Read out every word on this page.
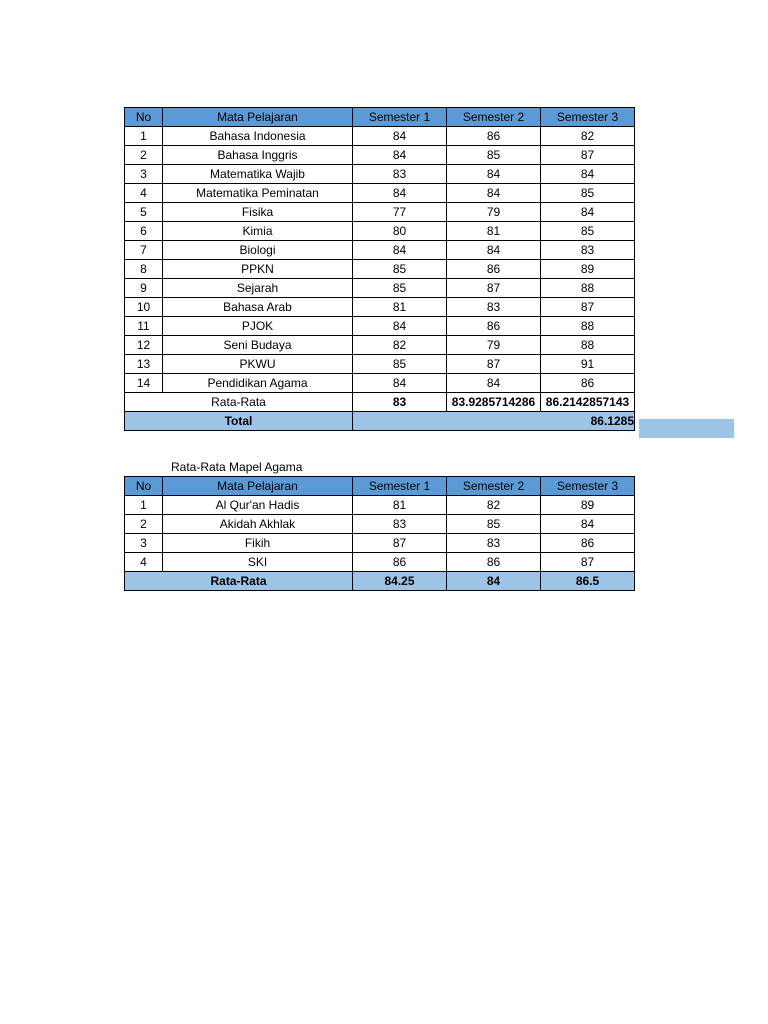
No	Mata Pelajaran	Semester 1	Semester 2	Semester 3
1	Bahasa Indonesia	84	86	82
2	Bahasa Inggris	84	85	87
3	Matematika Wajib	83	84	84
4	Matematika Peminatan	84	84	85
5	Fisika	77	79	84
6	Kimia	80	81	85
7	Biologi	84	84	83
8	PPKN	85	86	89
9	Sejarah	85	87	88
10	Bahasa Arab	81	83	87
11	PJOK	84	86	88
12	Seni Budaya	82	79	88
13	PKWU	85	87	91
14	Pendidikan Agama	84	84	86
Rata-Rata		83	83.9285714286	86.2142857143
Total		86.1285		
Rata-Rata Mapel Agama
No	Mata Pelajaran	Semester 1	Semester 2	Semester 3
1	Al Qur'an Hadis	81	82	89
2	Akidah Akhlak	83	85	84
3	Fikih	87	83	86
4	SKI	86	86	87
Rata-Rata		84.25	84	86.5
